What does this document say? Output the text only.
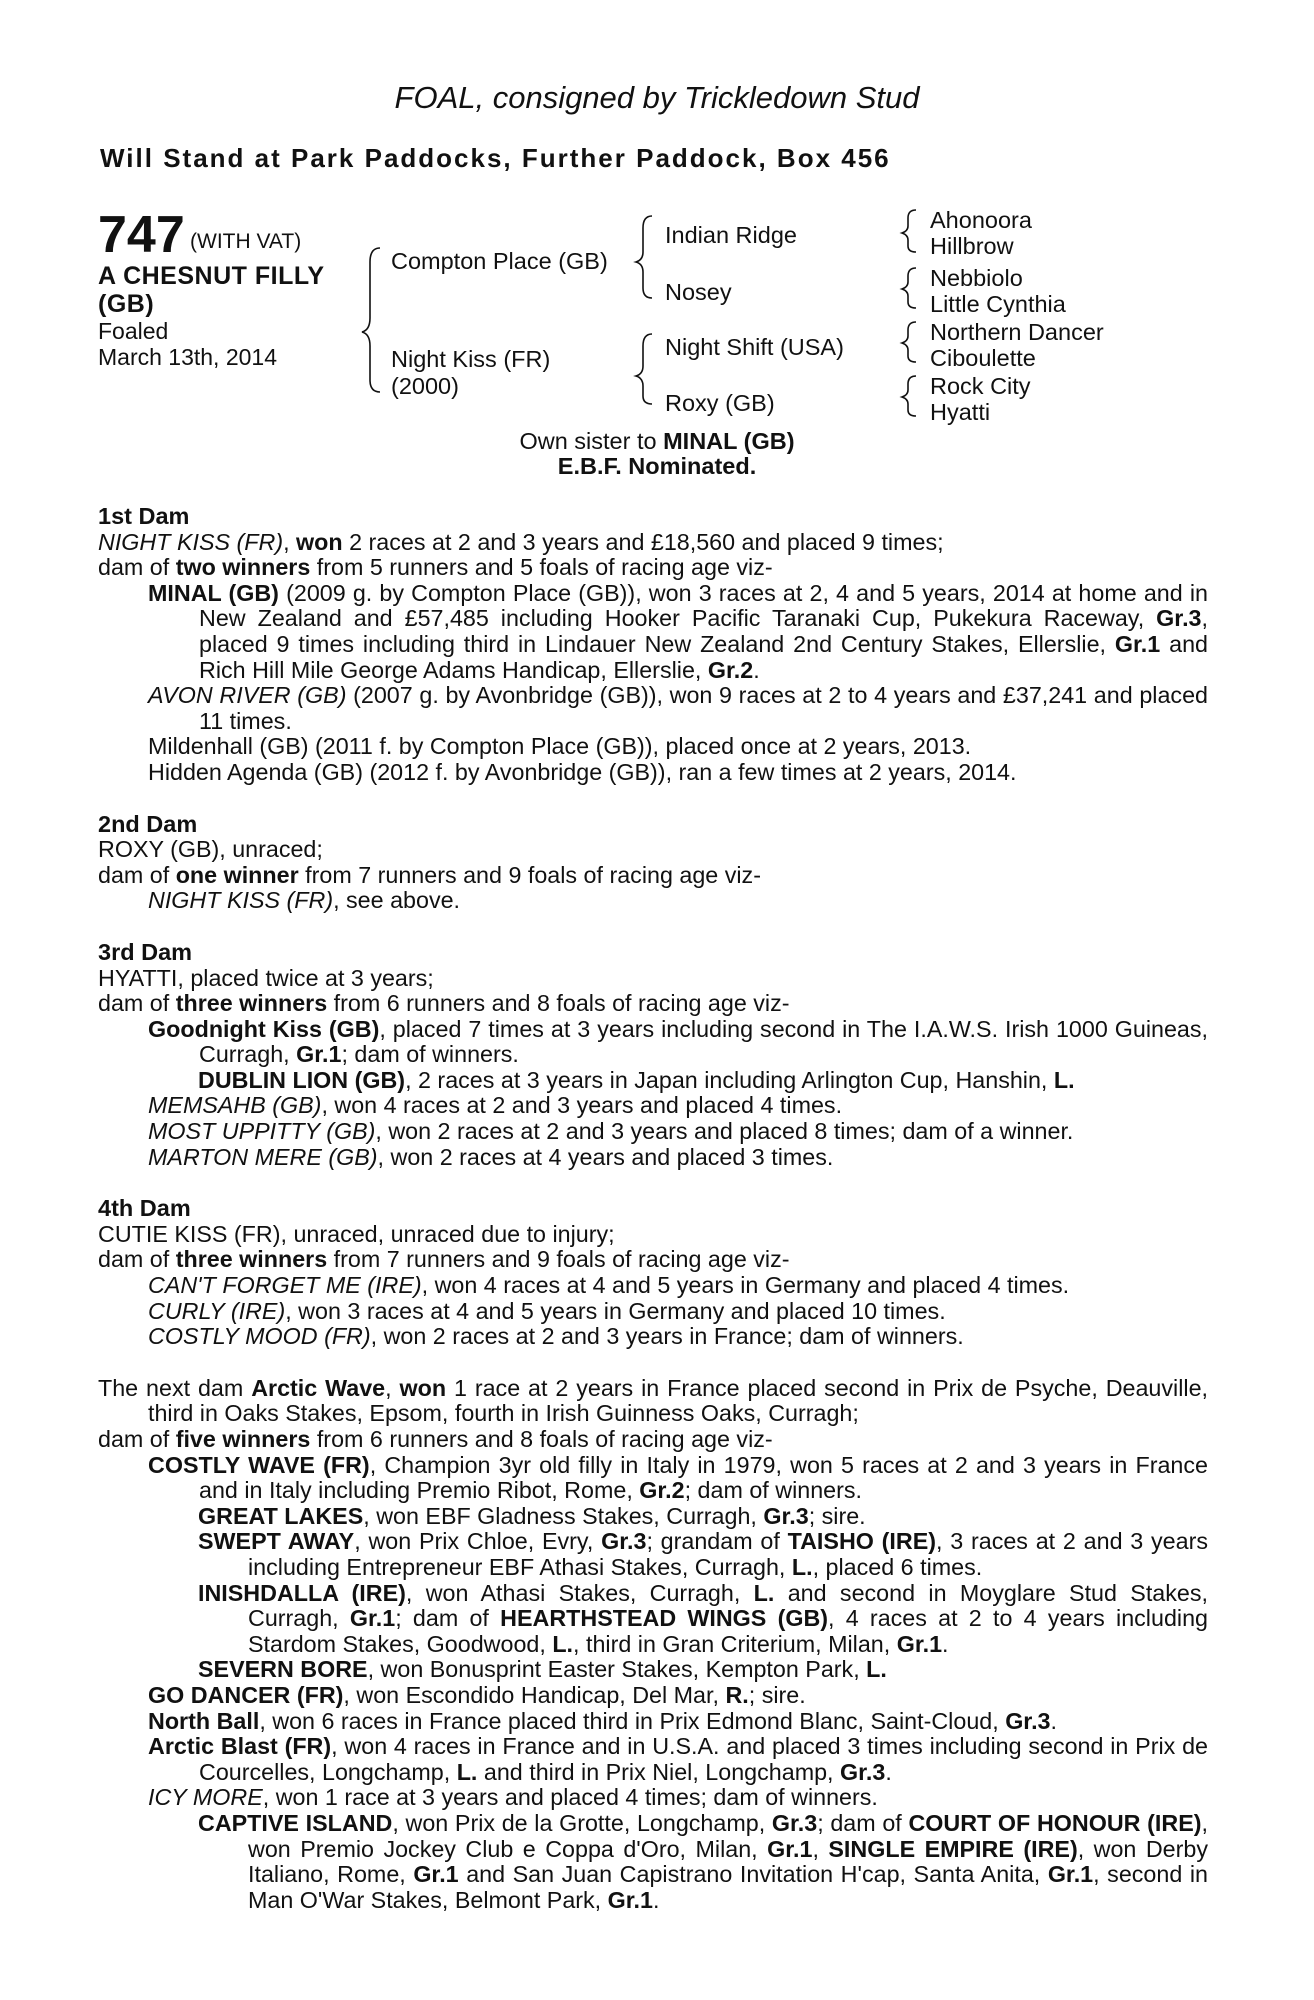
FOAL, consigned by Trickledown Stud
Will Stand at Park Paddocks, Further Paddock, Box 456
747 (WITH VAT)
A CHESNUT FILLY
(GB)
Foaled
March 13th, 2014
Compton Place (GB)
Night Kiss (FR)
(2000)
Indian Ridge
Nosey
Night Shift (USA)
Roxy (GB)
Ahonoora
Hillbrow
Nebbiolo
Little Cynthia
Northern Dancer
Ciboulette
Rock City
Hyatti
Own sister to MINAL (GB)
E.B.F. Nominated.
1st Dam
NIGHT KISS (FR), won 2 races at 2 and 3 years and £18,560 and placed 9 times;
dam of two winners from 5 runners and 5 foals of racing age viz-
MINAL (GB) (2009 g. by Compton Place (GB)), won 3 races at 2, 4 and 5 years, 2014 at home and in New Zealand and £57,485 including Hooker Pacific Taranaki Cup, Pukekura Raceway, Gr.3, placed 9 times including third in Lindauer New Zealand 2nd Century Stakes, Ellerslie, Gr.1 and Rich Hill Mile George Adams Handicap, Ellerslie, Gr.2.
AVON RIVER (GB) (2007 g. by Avonbridge (GB)), won 9 races at 2 to 4 years and £37,241 and placed 11 times.
Mildenhall (GB) (2011 f. by Compton Place (GB)), placed once at 2 years, 2013.
Hidden Agenda (GB) (2012 f. by Avonbridge (GB)), ran a few times at 2 years, 2014.
2nd Dam
ROXY (GB), unraced;
dam of one winner from 7 runners and 9 foals of racing age viz-
NIGHT KISS (FR), see above.
3rd Dam
HYATTI, placed twice at 3 years;
dam of three winners from 6 runners and 8 foals of racing age viz-
Goodnight Kiss (GB), placed 7 times at 3 years including second in The I.A.W.S. Irish 1000 Guineas, Curragh, Gr.1; dam of winners.
DUBLIN LION (GB), 2 races at 3 years in Japan including Arlington Cup, Hanshin, L.
MEMSAHB (GB), won 4 races at 2 and 3 years and placed 4 times.
MOST UPPITTY (GB), won 2 races at 2 and 3 years and placed 8 times; dam of a winner.
MARTON MERE (GB), won 2 races at 4 years and placed 3 times.
4th Dam
CUTIE KISS (FR), unraced, unraced due to injury;
dam of three winners from 7 runners and 9 foals of racing age viz-
CAN'T FORGET ME (IRE), won 4 races at 4 and 5 years in Germany and placed 4 times.
CURLY (IRE), won 3 races at 4 and 5 years in Germany and placed 10 times.
COSTLY MOOD (FR), won 2 races at 2 and 3 years in France; dam of winners.
The next dam Arctic Wave, won 1 race at 2 years in France placed second in Prix de Psyche, Deauville, third in Oaks Stakes, Epsom, fourth in Irish Guinness Oaks, Curragh;
dam of five winners from 6 runners and 8 foals of racing age viz-
COSTLY WAVE (FR), Champion 3yr old filly in Italy in 1979, won 5 races at 2 and 3 years in France and in Italy including Premio Ribot, Rome, Gr.2; dam of winners.
GREAT LAKES, won EBF Gladness Stakes, Curragh, Gr.3; sire.
SWEPT AWAY, won Prix Chloe, Evry, Gr.3; grandam of TAISHO (IRE), 3 races at 2 and 3 years including Entrepreneur EBF Athasi Stakes, Curragh, L., placed 6 times.
INISHDALLA (IRE), won Athasi Stakes, Curragh, L. and second in Moyglare Stud Stakes, Curragh, Gr.1; dam of HEARTHSTEAD WINGS (GB), 4 races at 2 to 4 years including Stardom Stakes, Goodwood, L., third in Gran Criterium, Milan, Gr.1.
SEVERN BORE, won Bonusprint Easter Stakes, Kempton Park, L.
GO DANCER (FR), won Escondido Handicap, Del Mar, R.; sire.
North Ball, won 6 races in France placed third in Prix Edmond Blanc, Saint-Cloud, Gr.3.
Arctic Blast (FR), won 4 races in France and in U.S.A. and placed 3 times including second in Prix de Courcelles, Longchamp, L. and third in Prix Niel, Longchamp, Gr.3.
ICY MORE, won 1 race at 3 years and placed 4 times; dam of winners.
CAPTIVE ISLAND, won Prix de la Grotte, Longchamp, Gr.3; dam of COURT OF HONOUR (IRE), won Premio Jockey Club e Coppa d'Oro, Milan, Gr.1, SINGLE EMPIRE (IRE), won Derby Italiano, Rome, Gr.1 and San Juan Capistrano Invitation H'cap, Santa Anita, Gr.1, second in Man O'War Stakes, Belmont Park, Gr.1.
